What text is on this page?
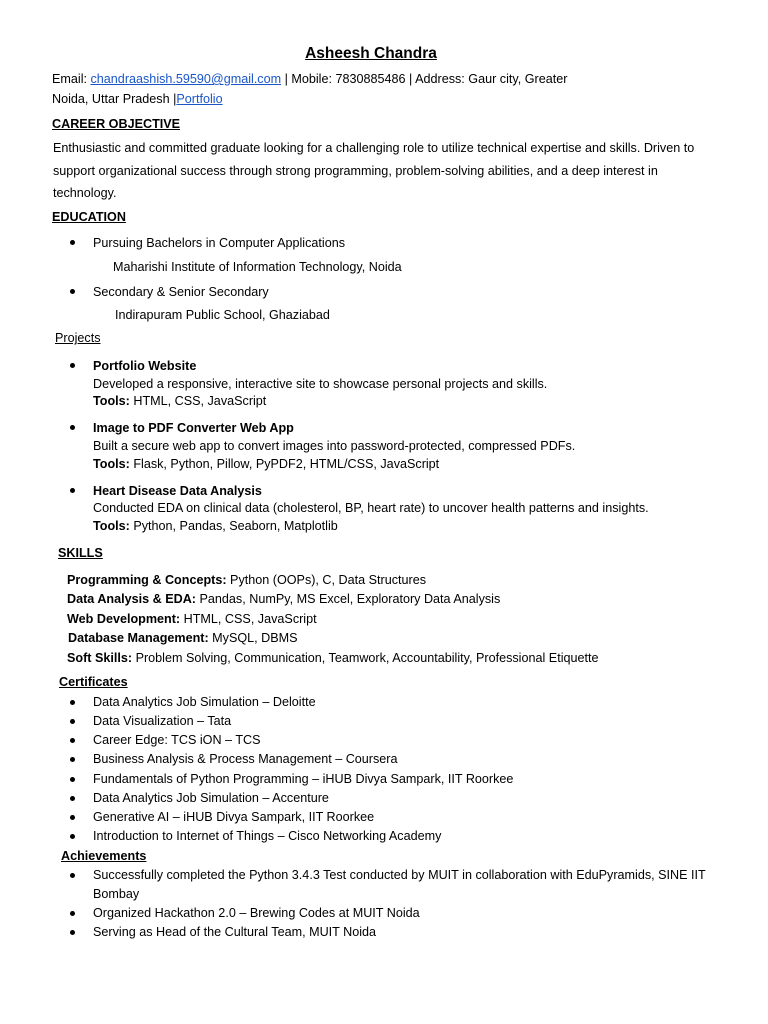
Asheesh Chandra
Email: chandraashish.59590@gmail.com | Mobile: 7830885486 | Address: Gaur city, Greater
Noida, Uttar Pradesh |Portfolio
CAREER OBJECTIVE
Enthusiastic and committed graduate looking for a challenging role to utilize technical expertise and skills. Driven to
support organizational success through strong programming, problem-solving abilities, and a deep interest in
technology.
EDUCATION
Pursuing Bachelors in Computer Applications
Maharishi Institute of Information Technology, Noida
Secondary & Senior Secondary
Indirapuram Public School, Ghaziabad
Projects
Portfolio Website
Developed a responsive, interactive site to showcase personal projects and skills.
Tools: HTML, CSS, JavaScript
Image to PDF Converter Web App
Built a secure web app to convert images into password-protected, compressed PDFs.
Tools: Flask, Python, Pillow, PyPDF2, HTML/CSS, JavaScript
Heart Disease Data Analysis
Conducted EDA on clinical data (cholesterol, BP, heart rate) to uncover health patterns and insights.
Tools: Python, Pandas, Seaborn, Matplotlib
SKILLS
Programming & Concepts: Python (OOPs), C, Data Structures
Data Analysis & EDA: Pandas, NumPy, MS Excel, Exploratory Data Analysis
Web Development: HTML, CSS, JavaScript
Database Management: MySQL, DBMS
Soft Skills: Problem Solving, Communication, Teamwork, Accountability, Professional Etiquette
Certificates
Data Analytics Job Simulation – Deloitte
Data Visualization – Tata
Career Edge: TCS iON – TCS
Business Analysis & Process Management – Coursera
Fundamentals of Python Programming – iHUB Divya Sampark, IIT Roorkee
Data Analytics Job Simulation – Accenture
Generative AI – iHUB Divya Sampark, IIT Roorkee
Introduction to Internet of Things – Cisco Networking Academy
Achievements
Successfully completed the Python 3.4.3 Test conducted by MUIT in collaboration with EduPyramids, SINE IIT
Bombay
Organized Hackathon 2.0 – Brewing Codes at MUIT Noida
Serving as Head of the Cultural Team, MUIT Noida
